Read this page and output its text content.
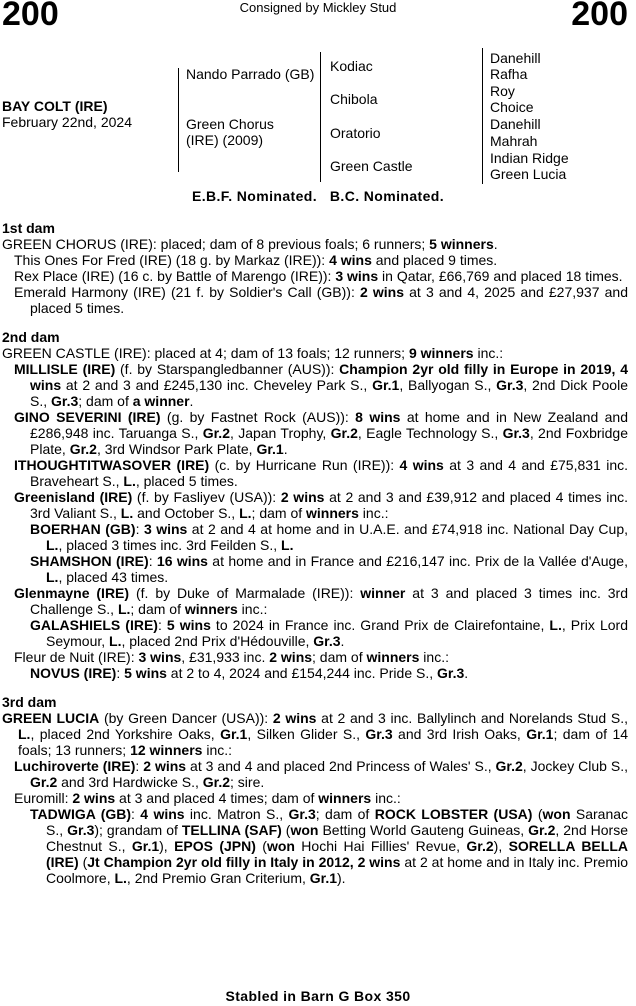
200	Consigned by Mickley Stud	200
BAY COLT (IRE)
February 22nd, 2024
Nando Parrado (GB)
Green Chorus (IRE) (2009)
Kodiac
Chibola
Oratorio
Green Castle
Danehill
Rafha
Roy
Choice
Danehill
Mahrah
Indian Ridge
Green Lucia
E.B.F. Nominated.   B.C. Nominated.
1st dam
GREEN CHORUS (IRE): placed; dam of 8 previous foals; 6 runners; 5 winners.
This Ones For Fred (IRE) (18 g. by Markaz (IRE)): 4 wins and placed 9 times.
Rex Place (IRE) (16 c. by Battle of Marengo (IRE)): 3 wins in Qatar, £66,769 and placed 18 times.
Emerald Harmony (IRE) (21 f. by Soldier's Call (GB)): 2 wins at 3 and 4, 2025 and £27,937 and placed 5 times.
2nd dam
GREEN CASTLE (IRE): placed at 4; dam of 13 foals; 12 runners; 9 winners inc.:
MILLISLE (IRE) (f. by Starspangledbanner (AUS)): Champion 2yr old filly in Europe in 2019, 4 wins at 2 and 3 and £245,130 inc. Cheveley Park S., Gr.1, Ballyogan S., Gr.3, 2nd Dick Poole S., Gr.3; dam of a winner.
GINO SEVERINI (IRE) (g. by Fastnet Rock (AUS)): 8 wins at home and in New Zealand and £286,948 inc. Taruanga S., Gr.2, Japan Trophy, Gr.2, Eagle Technology S., Gr.3, 2nd Foxbridge Plate, Gr.2, 3rd Windsor Park Plate, Gr.1.
ITHOUGHTITWASOVER (IRE) (c. by Hurricane Run (IRE)): 4 wins at 3 and 4 and £75,831 inc. Braveheart S., L., placed 5 times.
Greenisland (IRE) (f. by Fasliyev (USA)): 2 wins at 2 and 3 and £39,912 and placed 4 times inc. 3rd Valiant S., L. and October S., L.; dam of winners inc.:
BOERHAN (GB): 3 wins at 2 and 4 at home and in U.A.E. and £74,918 inc. National Day Cup, L., placed 3 times inc. 3rd Feilden S., L.
SHAMSHON (IRE): 16 wins at home and in France and £216,147 inc. Prix de la Vallée d'Auge, L., placed 43 times.
Glenmayne (IRE) (f. by Duke of Marmalade (IRE)): winner at 3 and placed 3 times inc. 3rd Challenge S., L.; dam of winners inc.:
GALASHIELS (IRE): 5 wins to 2024 in France inc. Grand Prix de Clairefontaine, L., Prix Lord Seymour, L., placed 2nd Prix d'Hédouville, Gr.3.
Fleur de Nuit (IRE): 3 wins, £31,933 inc. 2 wins; dam of winners inc.:
NOVUS (IRE): 5 wins at 2 to 4, 2024 and £154,244 inc. Pride S., Gr.3.
3rd dam
GREEN LUCIA (by Green Dancer (USA)): 2 wins at 2 and 3 inc. Ballylinch and Norelands Stud S., L., placed 2nd Yorkshire Oaks, Gr.1, Silken Glider S., Gr.3 and 3rd Irish Oaks, Gr.1; dam of 14 foals; 13 runners; 12 winners inc.:
Luchiroverte (IRE): 2 wins at 3 and 4 and placed 2nd Princess of Wales' S., Gr.2, Jockey Club S., Gr.2 and 3rd Hardwicke S., Gr.2; sire.
Euromill: 2 wins at 3 and placed 4 times; dam of winners inc.:
TADWIGA (GB): 4 wins inc. Matron S., Gr.3; dam of ROCK LOBSTER (USA) (won Saranac S., Gr.3); grandam of TELLINA (SAF) (won Betting World Gauteng Guineas, Gr.2, 2nd Horse Chestnut S., Gr.1), EPOS (JPN) (won Hochi Hai Fillies' Revue, Gr.2), SORELLA BELLA (IRE) (Jt Champion 2yr old filly in Italy in 2012, 2 wins at 2 at home and in Italy inc. Premio Coolmore, L., 2nd Premio Gran Criterium, Gr.1).
Stabled in Barn G Box 350
